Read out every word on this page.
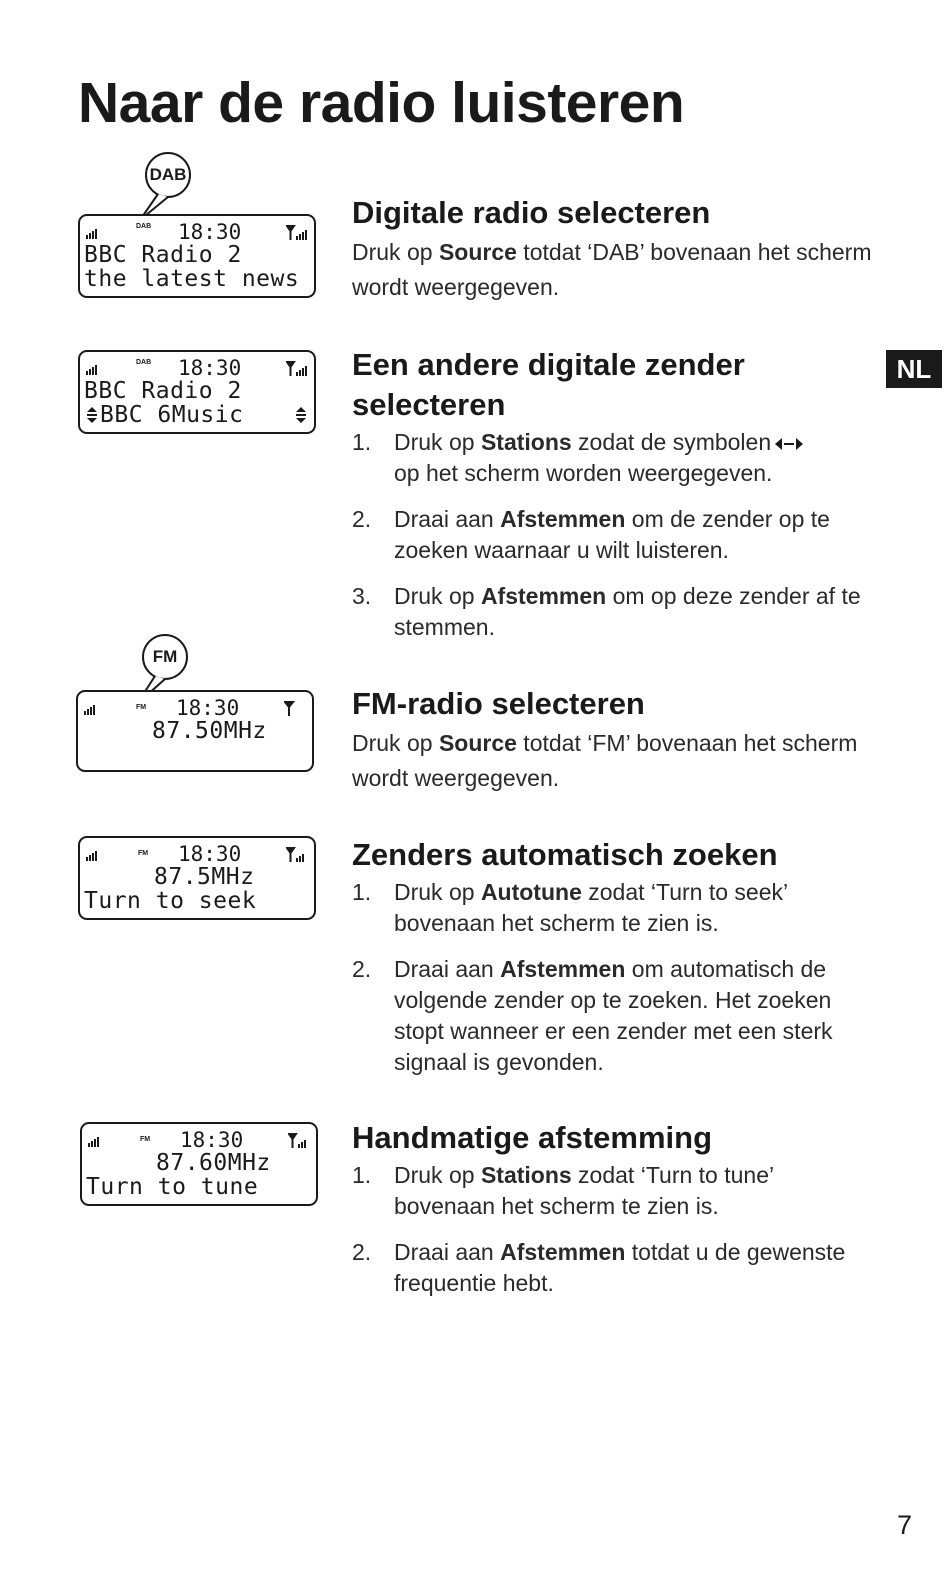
Naar de radio luisteren
NL
7
DAB
DAB 18:30
BBC Radio 2
the latest news
DAB 18:30
BBC Radio 2
BBC 6Music
FM
FM 18:30
87.50MHz
FM 18:30
87.5MHz
Turn to seek
FM 18:30
87.60MHz
Turn to tune
Digitale radio selecteren

Druk op Source totdat ‘DAB’ bovenaan het scherm wordt weergegeven.

Een andere digitale zender
selecteren
1. Druk op Stations zodat de symbolen
op het scherm worden weergegeven.
2. Draai aan Afstemmen om de zender op te zoeken waarnaar u wilt luisteren.
3. Druk op Afstemmen om op deze zender af te stemmen.
FM-radio selecteren

Druk op Source totdat ‘FM’ bovenaan het scherm wordt weergegeven.

Zenders automatisch zoeken
1. Druk op Autotune zodat ‘Turn to seek’ bovenaan het scherm te zien is.
2. Draai aan Afstemmen om automatisch de volgende zender op te zoeken. Het zoeken stopt wanneer er een zender met een sterk signaal is gevonden.
Handmatige afstemming
1. Druk op Stations zodat ‘Turn to tune’ bovenaan het scherm te zien is.
2. Draai aan Afstemmen totdat u de gewenste frequentie hebt.
